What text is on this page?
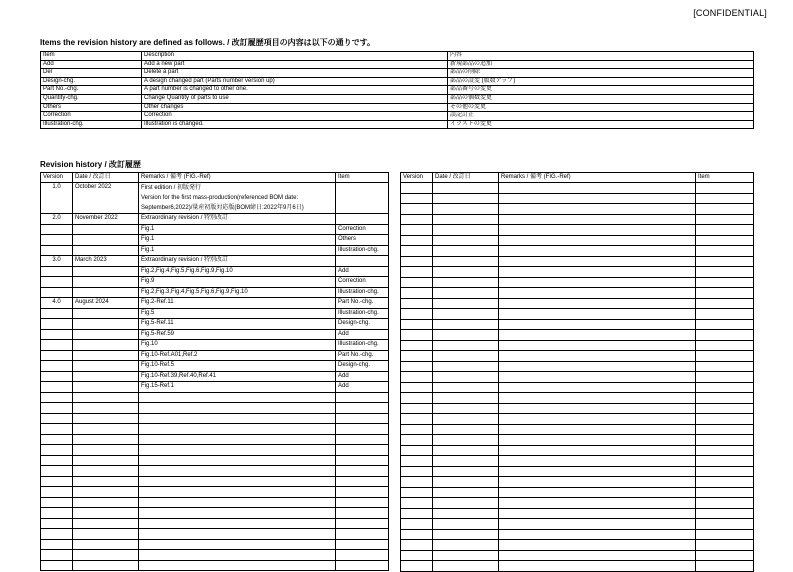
[CONFIDENTIAL]
Items the revision history are defined as follows. / 改訂履歴項目の内容は以下の通りです。
Item	Description	内容
Add	Add a new part	新規部品の追加
Del	Delete a part	部品の削除
Design-chg.	A design changed part (Parts number version up)	部品の設変 (版数アップ)
Part No.-chg.	A part number is changed to other one.	部品番号の変更
Quantity-chg.	Change Quantity of parts to use	部品の個数変更
Others	Other changes	その他の変更
Correction	Correction	誤記訂正
Illustration-chg.	Illustration is changed.	イラストの変更
Revision history / 改訂履歴
Version	Date / 改訂日	Remarks / 備考 (FIG.-Ref)	Item
1.0	October 2022	First edition / 初版発行
Version for the first mass-production(referenced BOM date:
September6,2022)/量産初版対応版(BOM締日:2022年9月6日)	

2.0	November 2022	Extraordinary revision / 特別改訂	
		Fig.1	Correction
		Fig.1	Others
		Fig.1	Illustration-chg.
3.0	March 2023	Extraordinary revision / 特別改訂	
		Fig.2,Fig.4,Fig.5,Fig.6,Fig.9,Fig.10	Add
		Fig.9	Correction
		Fig.2,Fig.3,Fig.4,Fig.5,Fig.6,Fig.9,Fig.10	Illustration-chg.
4.0	August 2024	Fig.2-Ref.11	Part No.-chg.
		Fig.5	Illustration-chg.
		Fig.5-Ref.11	Design-chg.
		Fig.5-Ref.59	Add
		Fig.10	Illustration-chg.
		Fig.10-Ref.A01,Ref.2	Part No.-chg.
		Fig.10-Ref.5	Design-chg.
		Fig.10-Ref.39,Ref.40,Ref.41	Add
		Fig.15-Ref.1	Add

Version	Date / 改訂日	Remarks / 備考 (FIG.-Ref)	Item
